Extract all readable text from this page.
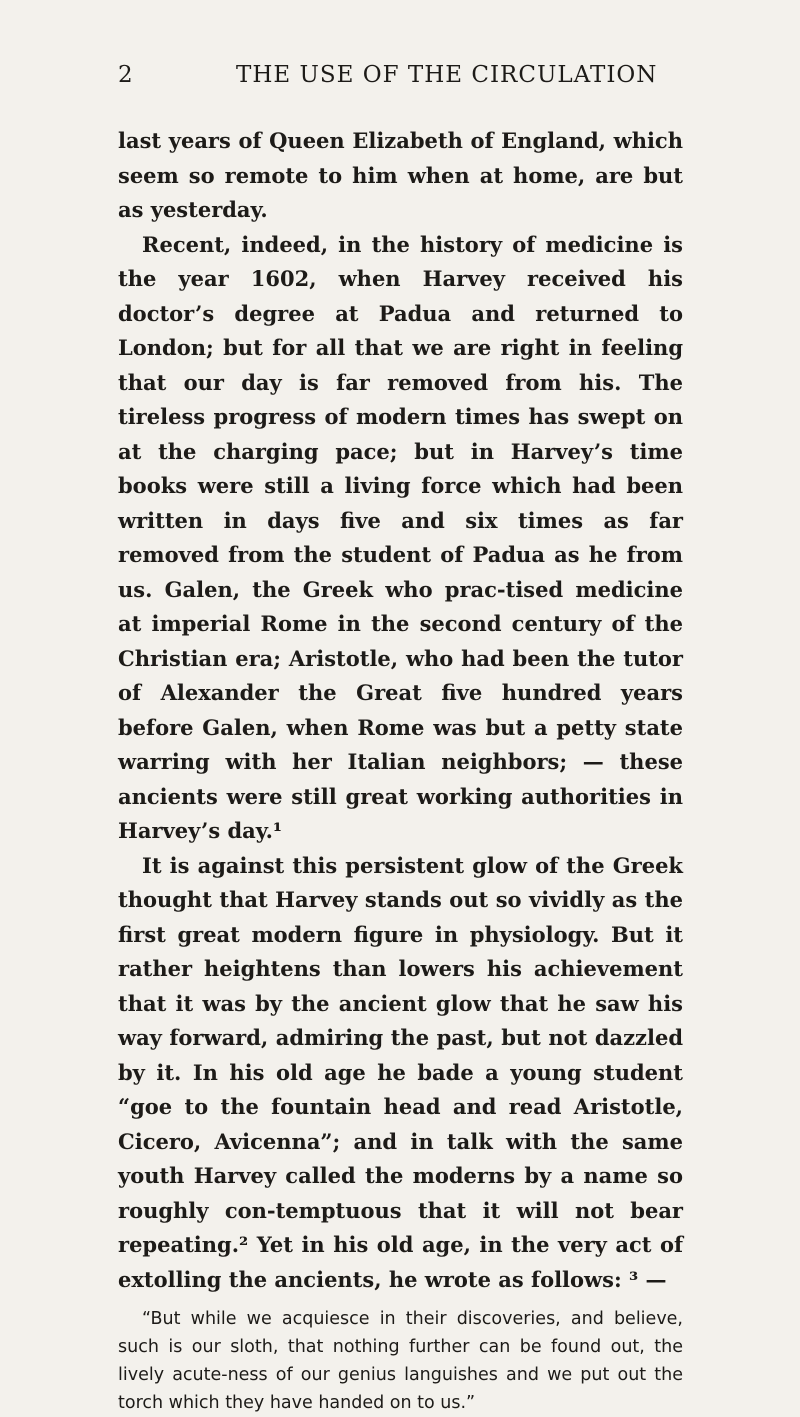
2	THE USE OF THE CIRCULATION

last years of Queen Elizabeth of England, which seem so remote to him when at home, are but as yesterday.

Recent, indeed, in the history of medicine is the year 1602, when Harvey received his doctor’s degree at Padua and returned to London; but for all that we are right in feeling that our day is far removed from his. The tireless progress of modern times has swept on at the charging pace; but in Harvey’s time books were still a living force which had been written in days five and six times as far removed from the student of Padua as he from us. Galen, the Greek who prac-tised medicine at imperial Rome in the second century of the Christian era; Aristotle, who had been the tutor of Alexander the Great five hundred years before Galen, when Rome was but a petty state warring with her Italian neighbors; — these ancients were still great working authorities in Harvey’s day.¹

It is against this persistent glow of the Greek thought that Harvey stands out so vividly as the first great modern figure in physiology. But it rather heightens than lowers his achievement that it was by the ancient glow that he saw his way forward, admiring the past, but not dazzled by it. In his old age he bade a young student “goe to the fountain head and read Aristotle, Cicero, Avicenna”; and in talk with the same youth Harvey called the moderns by a name so roughly con-temptuous that it will not bear repeating.² Yet in his old age, in the very act of extolling the ancients, he wrote as follows: ³ —

“But while we acquiesce in their discoveries, and believe, such is our sloth, that nothing further can be found out, the lively acute-ness of our genius languishes and we put out the torch which they have handed on to us.”
